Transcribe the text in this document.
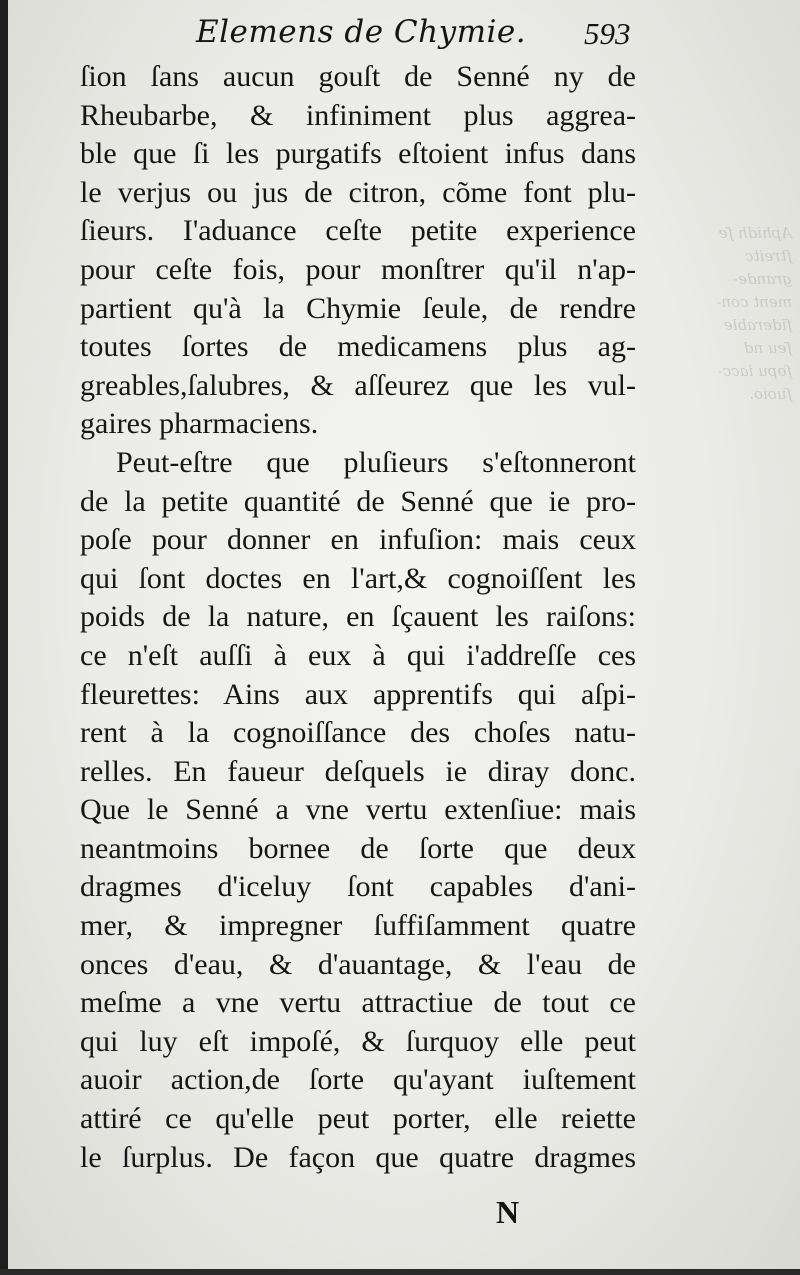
Aphidh ſe
ſtreitc
grande-
ment con-
ſiderable
ſeu nd
ſopu iacc-
ſuoio.
Elemens de Chymie. 593
ſion ſans aucun gouſt de Senné ny de
Rheubarbe, & infiniment plus aggrea-
ble que ſi les purgatifs eſtoient infus dans
le verjus ou jus de citron, cõme font plu-
ſieurs. I'aduance ceſte petite experience
pour ceſte fois, pour monſtrer qu'il n'ap-
partient qu'à la Chymie ſeule, de rendre
toutes ſortes de medicamens plus ag-
greables,ſalubres, & aſſeurez que les vul-
gaires pharmaciens.
Peut-eſtre que pluſieurs s'eſtonneront
de la petite quantité de Senné que ie pro-
poſe pour donner en infuſion: mais ceux
qui ſont doctes en l'art,& cognoiſſent les
poids de la nature, en ſçauent les raiſons:
ce n'eſt auſſi à eux à qui i'addreſſe ces
fleurettes: Ains aux apprentifs qui aſpi-
rent à la cognoiſſance des choſes natu-
relles. En faueur deſquels ie diray donc.
Que le Senné a vne vertu extenſiue: mais
neantmoins bornee de ſorte que deux
dragmes d'iceluy ſont capables d'ani-
mer, & impregner ſuffiſamment quatre
onces d'eau, & d'auantage, & l'eau de
meſme a vne vertu attractiue de tout ce
qui luy eſt impoſé, & ſurquoy elle peut
auoir action,de ſorte qu'ayant iuſtement
attiré ce qu'elle peut porter, elle reiette
le ſurplus. De façon que quatre dragmes
N
